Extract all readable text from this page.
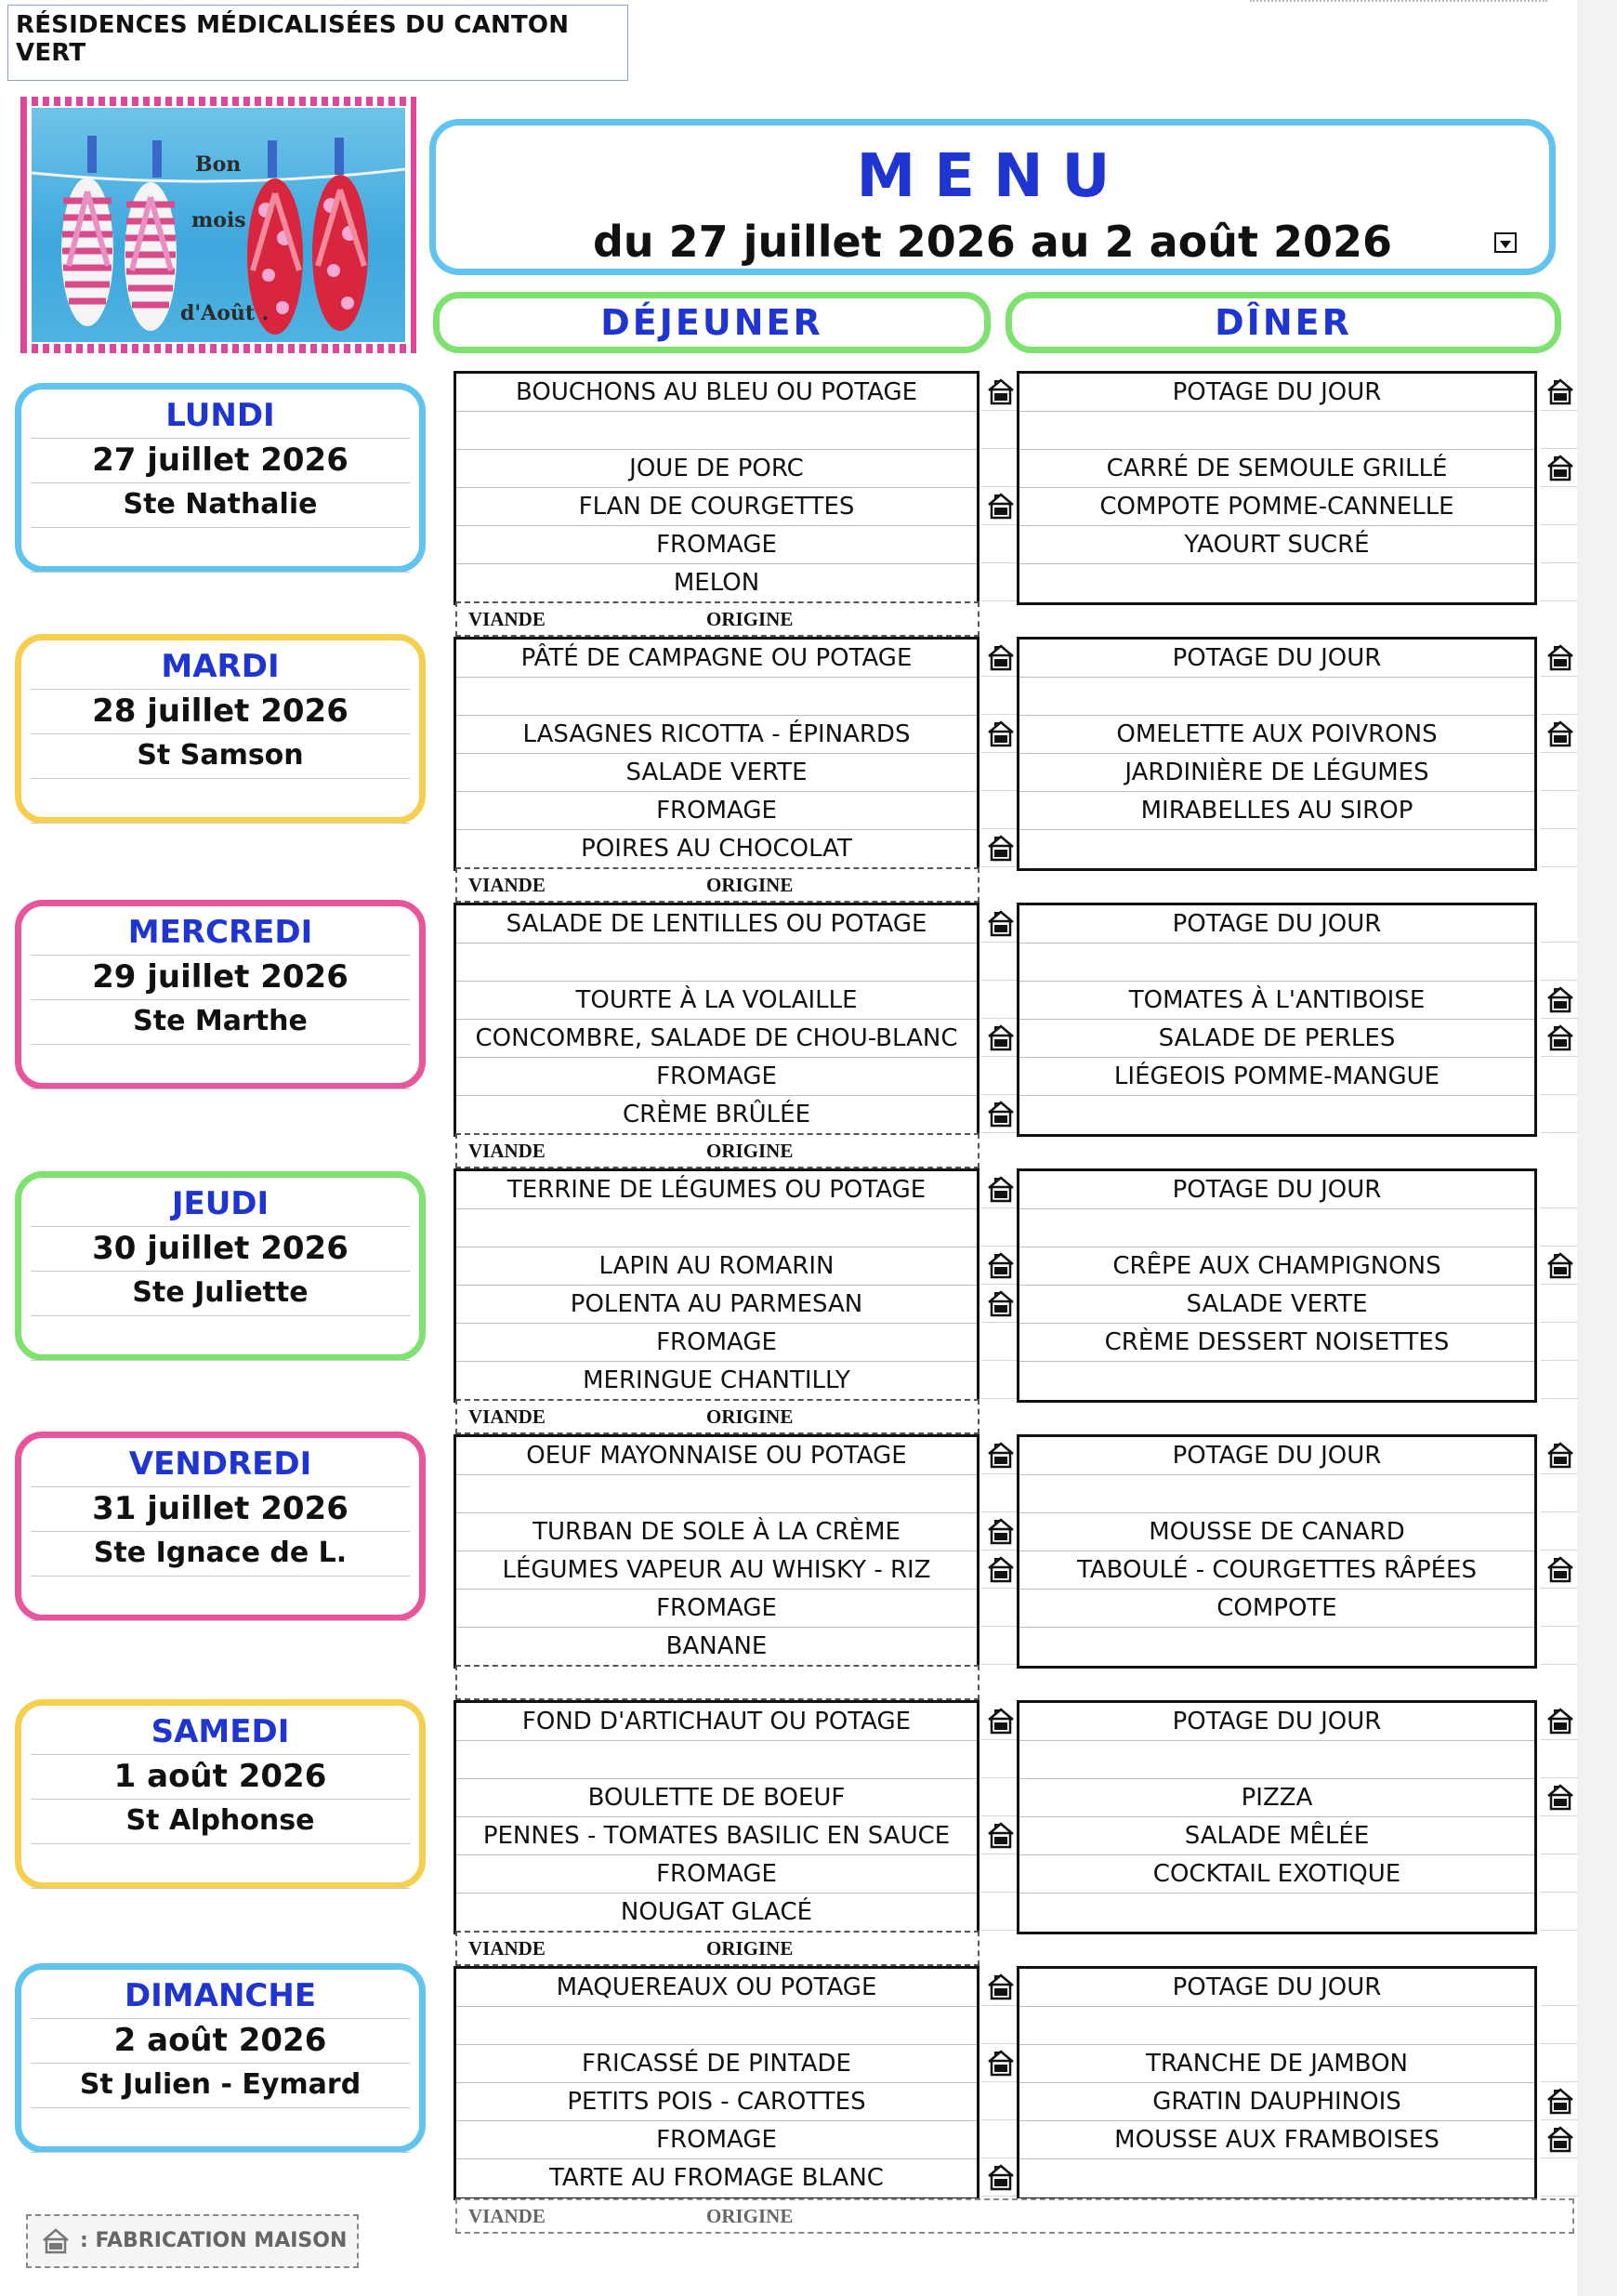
RÉSIDENCES MÉDICALISÉES DU CANTON VERT
Bon
mois
d'Août .
MENU
du 27 juillet 2026 au 2 août 2026
DÉJEUNER	DÎNER
LUNDI
27 juillet 2026
Ste Nathalie
BOUCHONS AU BLEU OU POTAGE
JOUE DE PORC
FLAN DE COURGETTES
FROMAGE
MELON
POTAGE DU JOUR
CARRÉ DE SEMOULE GRILLÉ
COMPOTE POMME-CANNELLE
YAOURT SUCRÉ
VIANDE	ORIGINE
MARDI
28 juillet 2026
St Samson
PÂTÉ DE CAMPAGNE OU POTAGE
LASAGNES RICOTTA - ÉPINARDS
SALADE VERTE
FROMAGE
POIRES AU CHOCOLAT
POTAGE DU JOUR
OMELETTE AUX POIVRONS
JARDINIÈRE DE LÉGUMES
MIRABELLES AU SIROP
VIANDE	ORIGINE
MERCREDI
29 juillet 2026
Ste Marthe
SALADE DE LENTILLES OU POTAGE
TOURTE À LA VOLAILLE
CONCOMBRE, SALADE DE CHOU-BLANC
FROMAGE
CRÈME BRÛLÉE
POTAGE DU JOUR
TOMATES À L'ANTIBOISE
SALADE DE PERLES
LIÉGEOIS POMME-MANGUE
VIANDE	ORIGINE
JEUDI
30 juillet 2026
Ste Juliette
TERRINE DE LÉGUMES OU POTAGE
LAPIN AU ROMARIN
POLENTA AU PARMESAN
FROMAGE
MERINGUE CHANTILLY
POTAGE DU JOUR
CRÊPE AUX CHAMPIGNONS
SALADE VERTE
CRÈME DESSERT NOISETTES
VIANDE	ORIGINE
VENDREDI
31 juillet 2026
Ste Ignace de L.
OEUF MAYONNAISE OU POTAGE
TURBAN DE SOLE À LA CRÈME
LÉGUMES VAPEUR AU WHISKY - RIZ
FROMAGE
BANANE
POTAGE DU JOUR
MOUSSE DE CANARD
TABOULÉ - COURGETTES RÂPÉES
COMPOTE
SAMEDI
1 août 2026
St Alphonse
FOND D'ARTICHAUT OU POTAGE
BOULETTE DE BOEUF
PENNES - TOMATES BASILIC EN SAUCE
FROMAGE
NOUGAT GLACÉ
POTAGE DU JOUR
PIZZA
SALADE MÊLÉE
COCKTAIL EXOTIQUE
VIANDE	ORIGINE
DIMANCHE
2 août 2026
St Julien - Eymard
MAQUEREAUX OU POTAGE
FRICASSÉ DE PINTADE
PETITS POIS - CAROTTES
FROMAGE
TARTE AU FROMAGE BLANC
POTAGE DU JOUR
TRANCHE DE JAMBON
GRATIN DAUPHINOIS
MOUSSE AUX FRAMBOISES
VIANDE	ORIGINE
: FABRICATION MAISON
